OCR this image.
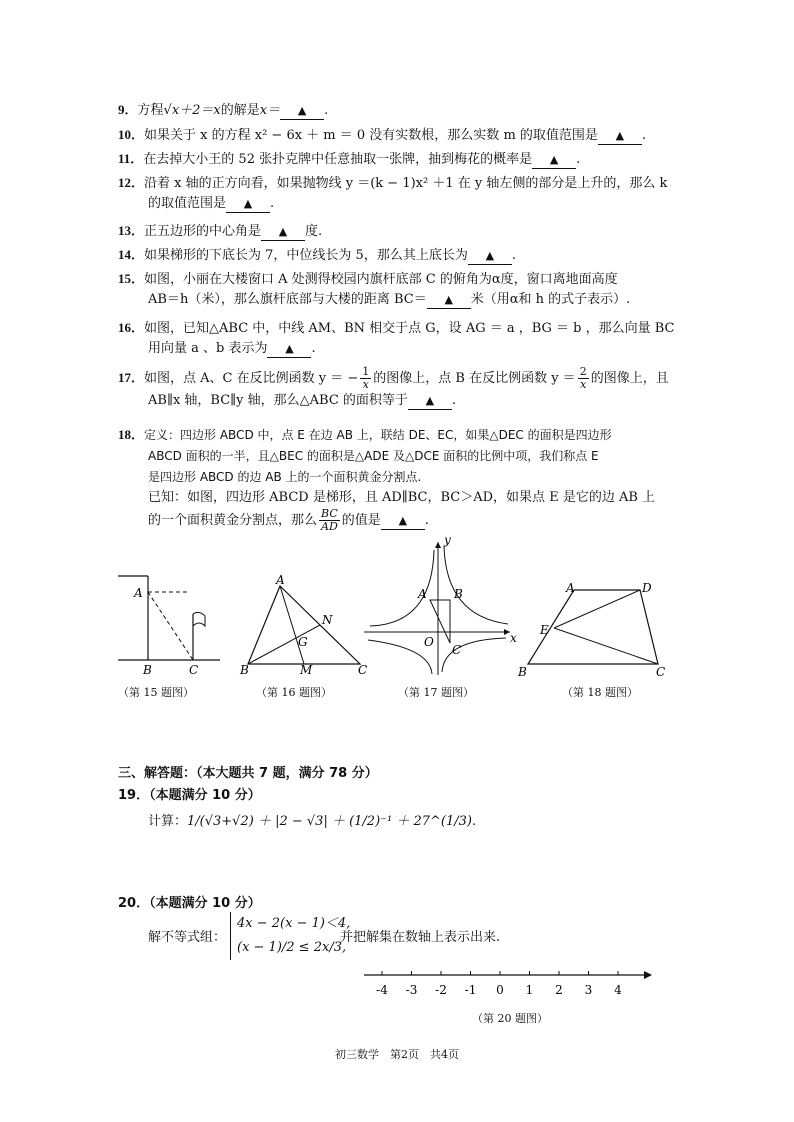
9．方程√x＋2＝x的解是x＝ ▲ .
10．如果关于 x 的方程 x² − 6x ＋ m ＝ 0 没有实数根，那么实数 m 的取值范围是 ▲ .
11．在去掉大小王的 52 张扑克牌中任意抽取一张牌，抽到梅花的概率是 ▲ .
12．沿着 x 轴的正方向看，如果抛物线 y ＝(k − 1)x² ＋1 在 y 轴左侧的部分是上升的，那么 k
的取值范围是 ▲ .
13．正五边形的中心角是 ▲ 度.
14．如果梯形的下底长为 7，中位线长为 5，那么其上底长为 ▲ .
15．如图，小丽在大楼窗口 A 处测得校园内旗杆底部 C 的俯角为α度，窗口离地面高度
AB＝h（米），那么旗杆底部与大楼的距离 BC＝ ▲ 米（用α和 h 的式子表示）.
16．如图，已知△ABC 中，中线 AM、BN 相交于点 G，设 AG ＝ a ，BG ＝ b ，那么向量 BC
用向量 a 、b 表示为 ▲ .
17．如图，点 A、C 在反比例函数 y ＝ − $\frac{1}{x}$ 的图像上，点 B 在反比例函数 $y = \frac{2}{x}$ 的图像上，且
AB∥x 轴，BC∥y 轴，那么△ABC 的面积等于 ▲ .
18．定义：四边形 ABCD 中，点 E 在边 AB 上，联结 DE、EC，如果△DEC 的面积是四边形
ABCD 面积的一半，且△BEC 的面积是△ADE 及△DCE 面积的比例中项，我们称点 E
是四边形 ABCD 的边 AB 上的一个面积黄金分割点.
已知：如图，四边形 ABCD 是梯形，且 AD∥BC，BC＞AD，如果点 E 是它的边 AB 上
的一个面积黄金分割点，那么 $\frac{BC}{AD}$ 的值是 ▲ .
A
B	C
（第 15 题图）
A
B	C
G
M
N
（第 16 题图）
A B
C
O	x
y
（第 17 题图）
A	D
E
B	C
（第 18 题图）
三、解答题：（本大题共 7 题，满分 78 分）
19．（本题满分 10 分）
计算：1/(√3+√2) ＋ |2 − √3| ＋ (1/2)⁻¹ ＋ 27^(1/3).
20．（本题满分 10 分）
解不等式组：
4x − 2(x − 1)＜4,
(x − 1)/2 ≤ 2x/3,
并把解集在数轴上表示出来.
-4 -3 -2 -1 0 1 2 3 4
（第 20 题图）
初三数学　第2页　共4页
